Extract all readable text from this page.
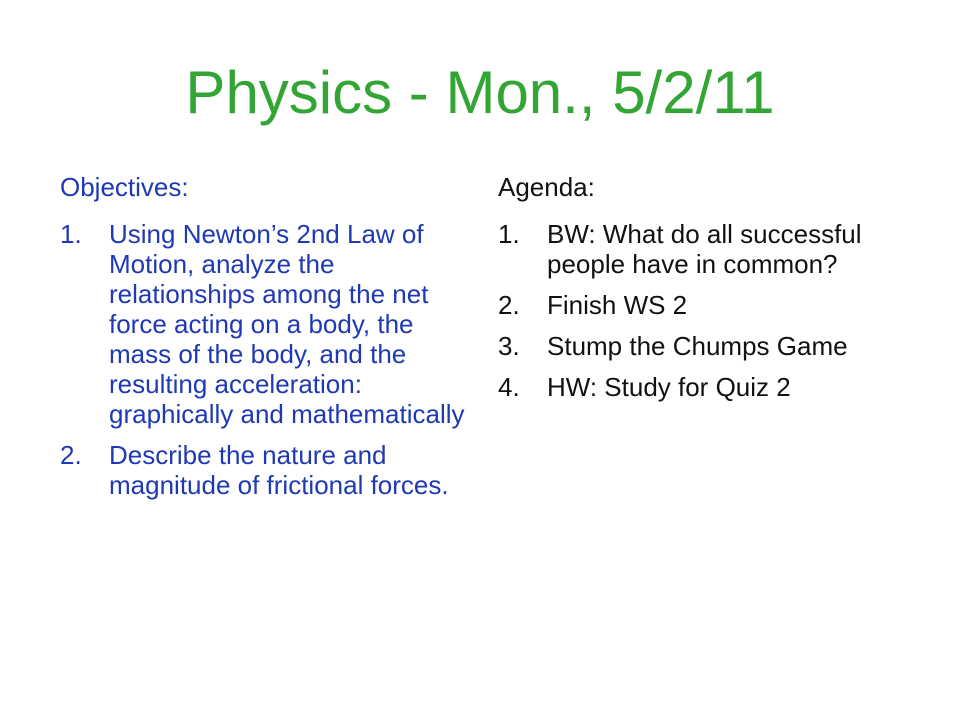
Physics - Mon., 5/2/11

Objectives:

1.	Using Newton’s 2nd Law of Motion, analyze the relationships among the net force acting on a body, the mass of the body, and the resulting acceleration: graphically and mathematically
2.	Describe the nature and magnitude of frictional forces.

Agenda:

1.	BW: What do all successful people have in common?
2.	Finish WS 2
3.	Stump the Chumps Game
4.	HW: Study for Quiz 2
